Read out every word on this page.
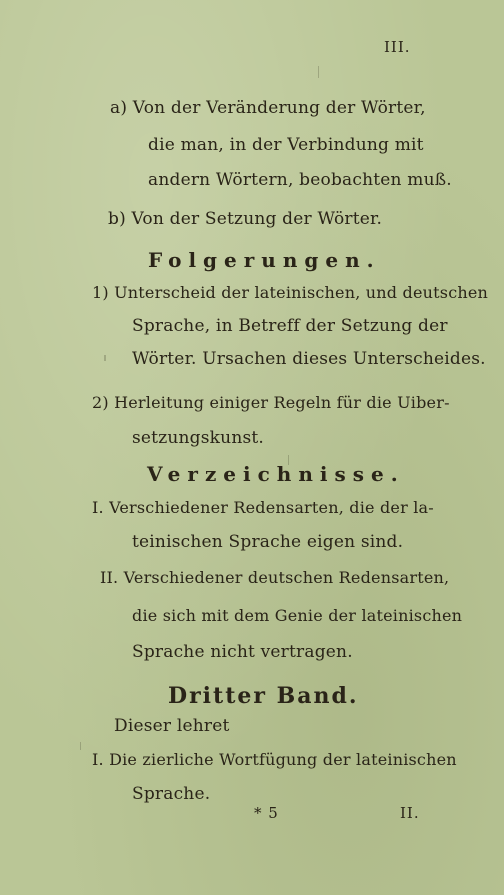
III.
a) Von der Veränderung der Wörter,
die man, in der Verbindung mit
andern Wörtern, beobachten muß.
b) Von der Setzung der Wörter.
Folgerungen.
1) Unterscheid der lateinischen, und deutschen
Sprache, in Betreff der Setzung der
Wörter. Ursachen dieses Unterscheides.
2) Herleitung einiger Regeln für die Uiber-
setzungskunst.
Verzeichnisse.
I. Verschiedener Redensarten, die der la-
teinischen Sprache eigen sind.
II. Verschiedener deutschen Redensarten,
die sich mit dem Genie der lateinischen
Sprache nicht vertragen.
Dritter Band.
Dieser lehret
I. Die zierliche Wortfügung der lateinischen
Sprache.
* 5	II.
